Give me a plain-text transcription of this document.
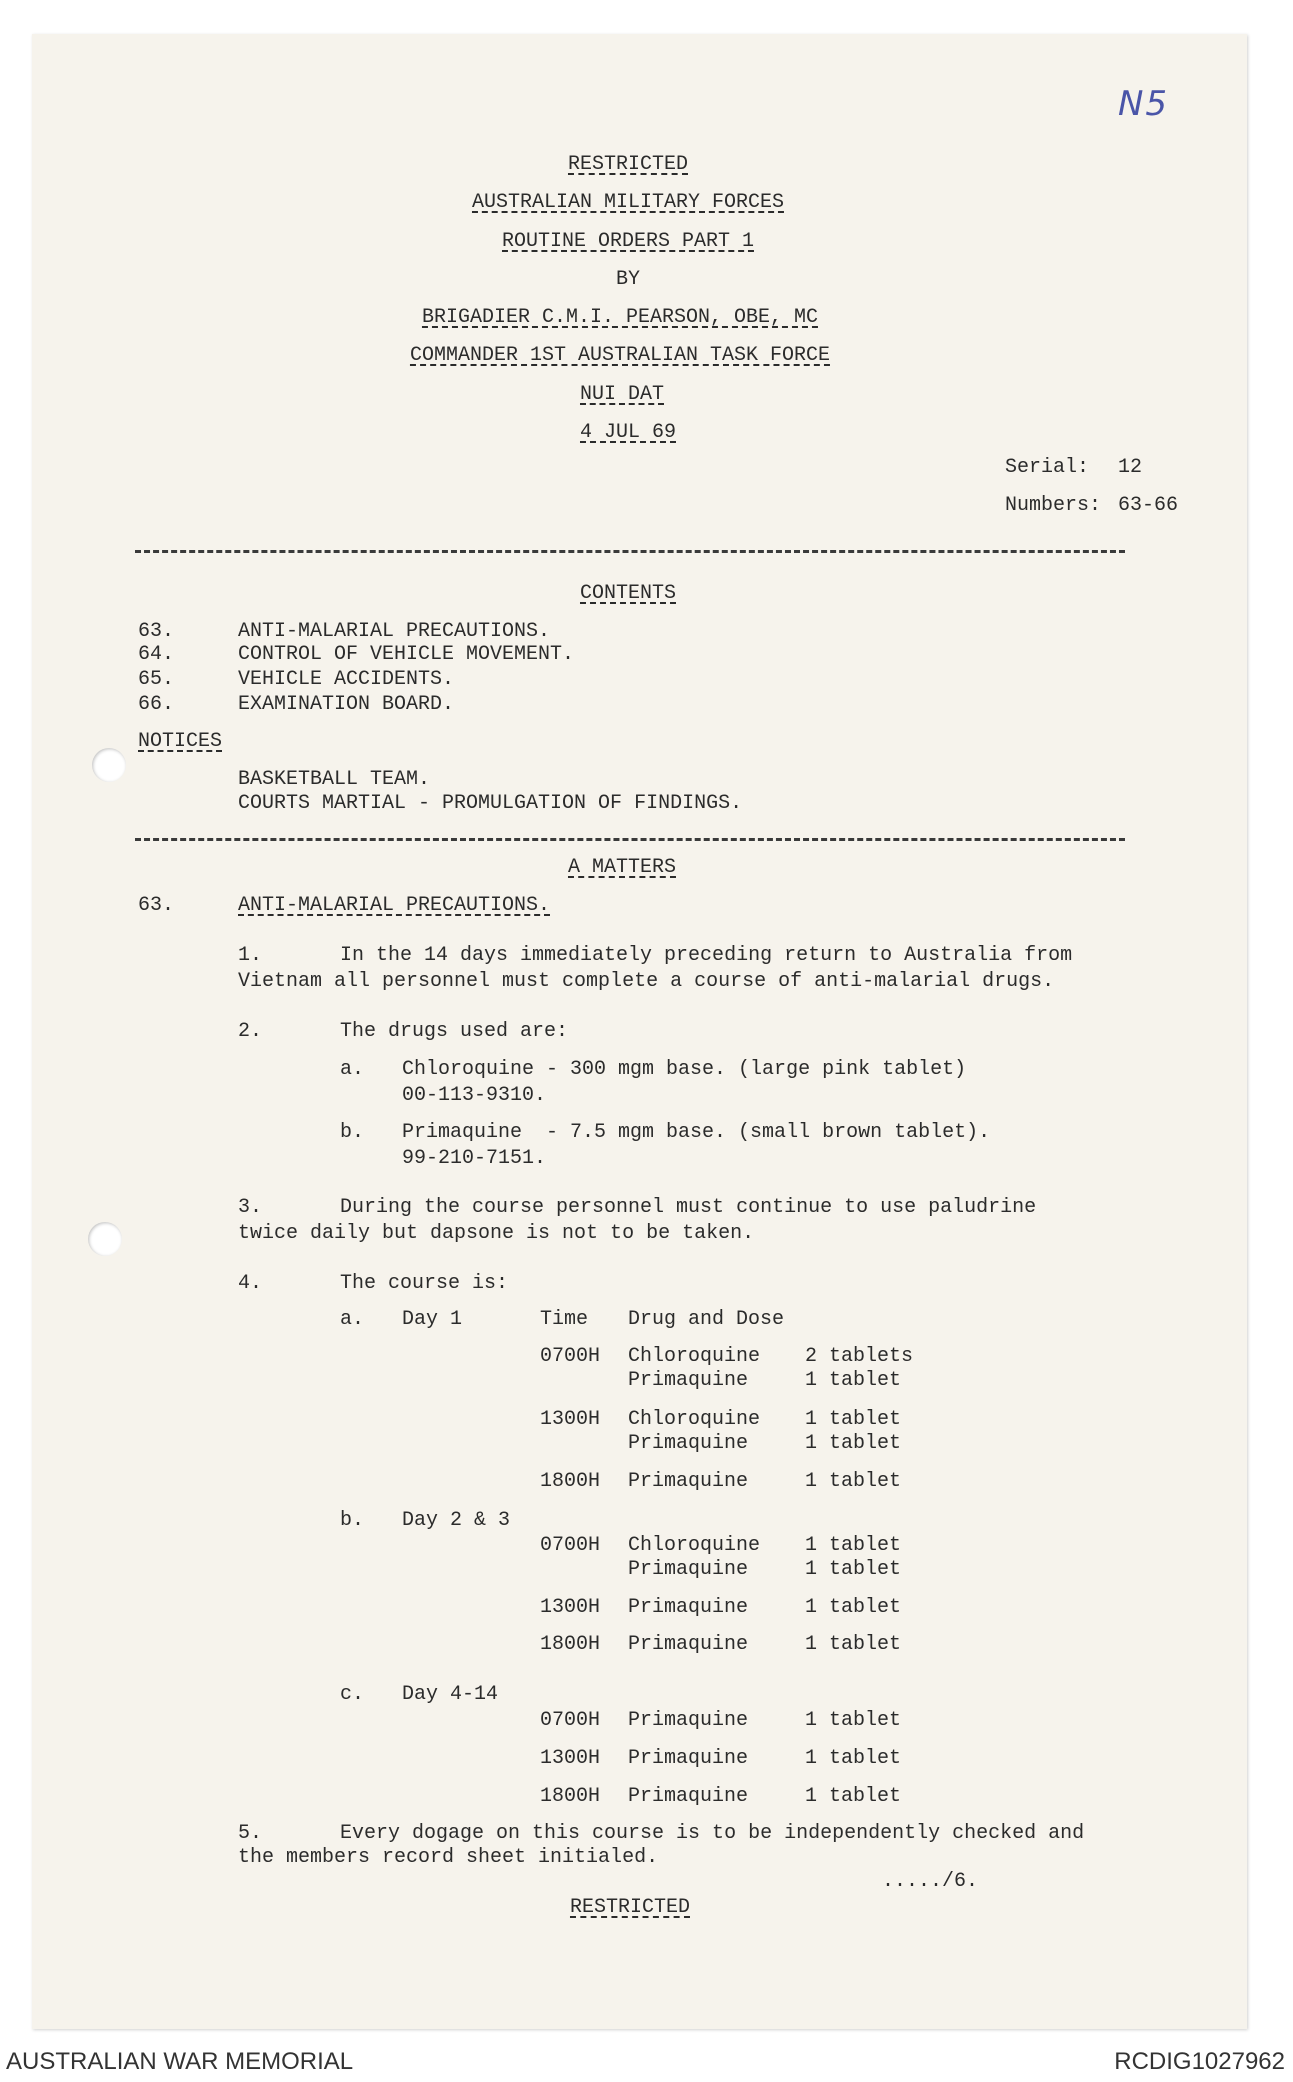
N5
RESTRICTED
AUSTRALIAN MILITARY FORCES
ROUTINE ORDERS PART 1
BY
BRIGADIER C.M.I. PEARSON, OBE, MC
COMMANDER 1ST AUSTRALIAN TASK FORCE
NUI DAT
4 JUL 69
Serial: 12
Numbers: 63-66
CONTENTS
63.	ANTI-MALARIAL PRECAUTIONS.
64.	CONTROL OF VEHICLE MOVEMENT.
65.	VEHICLE ACCIDENTS.
66.	EXAMINATION BOARD.
NOTICES
BASKETBALL TEAM.
COURTS MARTIAL - PROMULGATION OF FINDINGS.
A MATTERS
63.	ANTI-MALARIAL PRECAUTIONS.
1.	In the 14 days immediately preceding return to Australia from
Vietnam all personnel must complete a course of anti-malarial drugs.
2.	The drugs used are:
a. Chloroquine - 300 mgm base. (large pink tablet)
00-113-9310.
b. Primaquine  - 7.5 mgm base. (small brown tablet).
99-210-7151.
3.	During the course personnel must continue to use paludrine
twice daily but dapsone is not to be taken.
4.	The course is:
a. Day 1	Time Drug and Dose
0700H Chloroquine 2 tablets
Primaquine	1 tablet
1300H Chloroquine 1 tablet
Primaquine	1 tablet
1800H Primaquine	1 tablet
b. Day 2 & 3
0700H Chloroquine 1 tablet
Primaquine	1 tablet
1300H Primaquine	1 tablet
1800H Primaquine	1 tablet
c. Day 4-14
0700H Primaquine	1 tablet
1300H Primaquine	1 tablet
1800H Primaquine	1 tablet
5.	Every dogage on this course is to be independently checked and
the members record sheet initialed.
...../6.
RESTRICTED
AUSTRALIAN WAR MEMORIAL	RCDIG1027962
